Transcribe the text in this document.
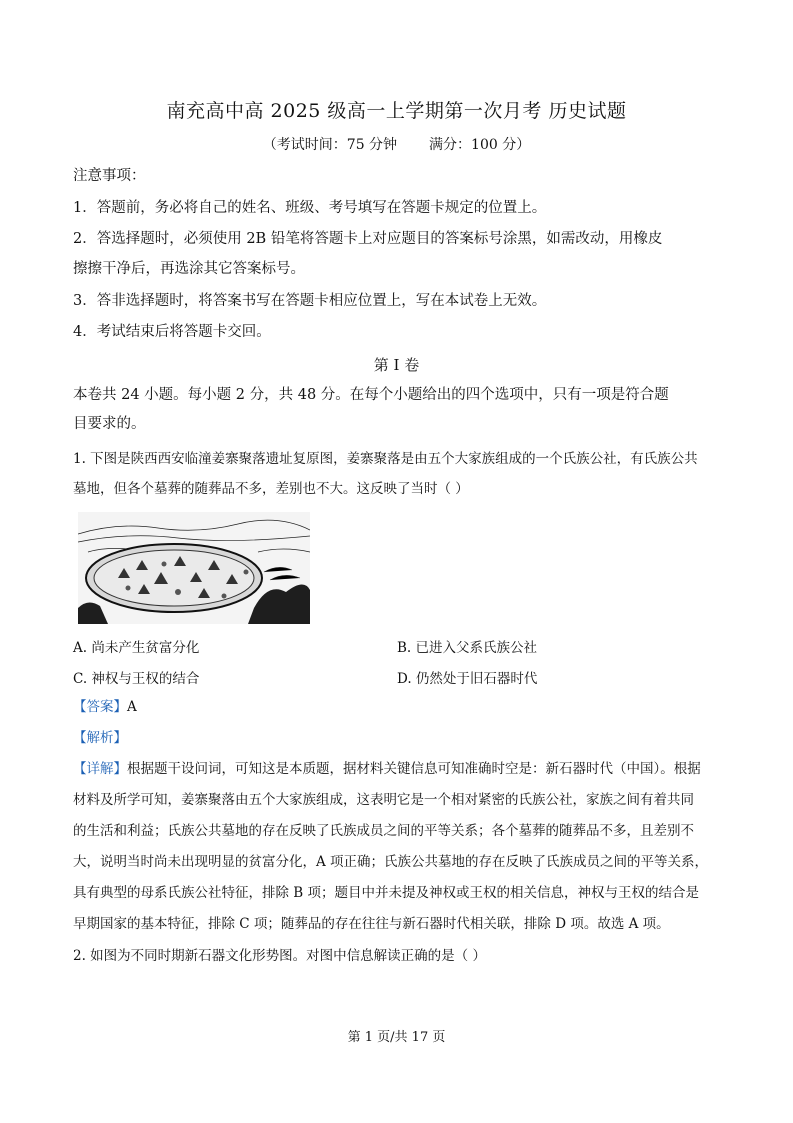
南充高中高 2025 级高一上学期第一次月考 历史试题
（考试时间：75 分钟 满分：100 分）
注意事项：
1．答题前，务必将自己的姓名、班级、考号填写在答题卡规定的位置上。
2．答选择题时，必须使用 2B 铅笔将答题卡上对应题目的答案标号涂黑，如需改动，用橡皮
擦擦干净后，再选涂其它答案标号。
3．答非选择题时，将答案书写在答题卡相应位置上，写在本试卷上无效。
4．考试结束后将答题卡交回。
第 I 卷
本卷共 24 小题。每小题 2 分，共 48 分。在每个小题给出的四个选项中，只有一项是符合题
目要求的。
1. 下图是陕西西安临潼姜寨聚落遗址复原图，姜寨聚落是由五个大家族组成的一个氏族公社，有氏族公共
墓地，但各个墓葬的随葬品不多，差别也不大。这反映了当时（ ）
A. 尚未产生贫富分化	B. 已进入父系氏族公社
C. 神权与王权的结合	D. 仍然处于旧石器时代
【答案】A
【解析】
【详解】根据题干设问词，可知这是本质题，据材料关键信息可知准确时空是：新石器时代（中国）。根据
材料及所学可知，姜寨聚落由五个大家族组成，这表明它是一个相对紧密的氏族公社，家族之间有着共同
的生活和利益；氏族公共墓地的存在反映了氏族成员之间的平等关系；各个墓葬的随葬品不多，且差别不
大，说明当时尚未出现明显的贫富分化，A 项正确；氏族公共墓地的存在反映了氏族成员之间的平等关系，
具有典型的母系氏族公社特征，排除 B 项；题目中并未提及神权或王权的相关信息，神权与王权的结合是
早期国家的基本特征，排除 C 项；随葬品的存在往往与新石器时代相关联，排除 D 项。故选 A 项。
2. 如图为不同时期新石器文化形势图。对图中信息解读正确的是（ ）
第 1 页/共 17 页
